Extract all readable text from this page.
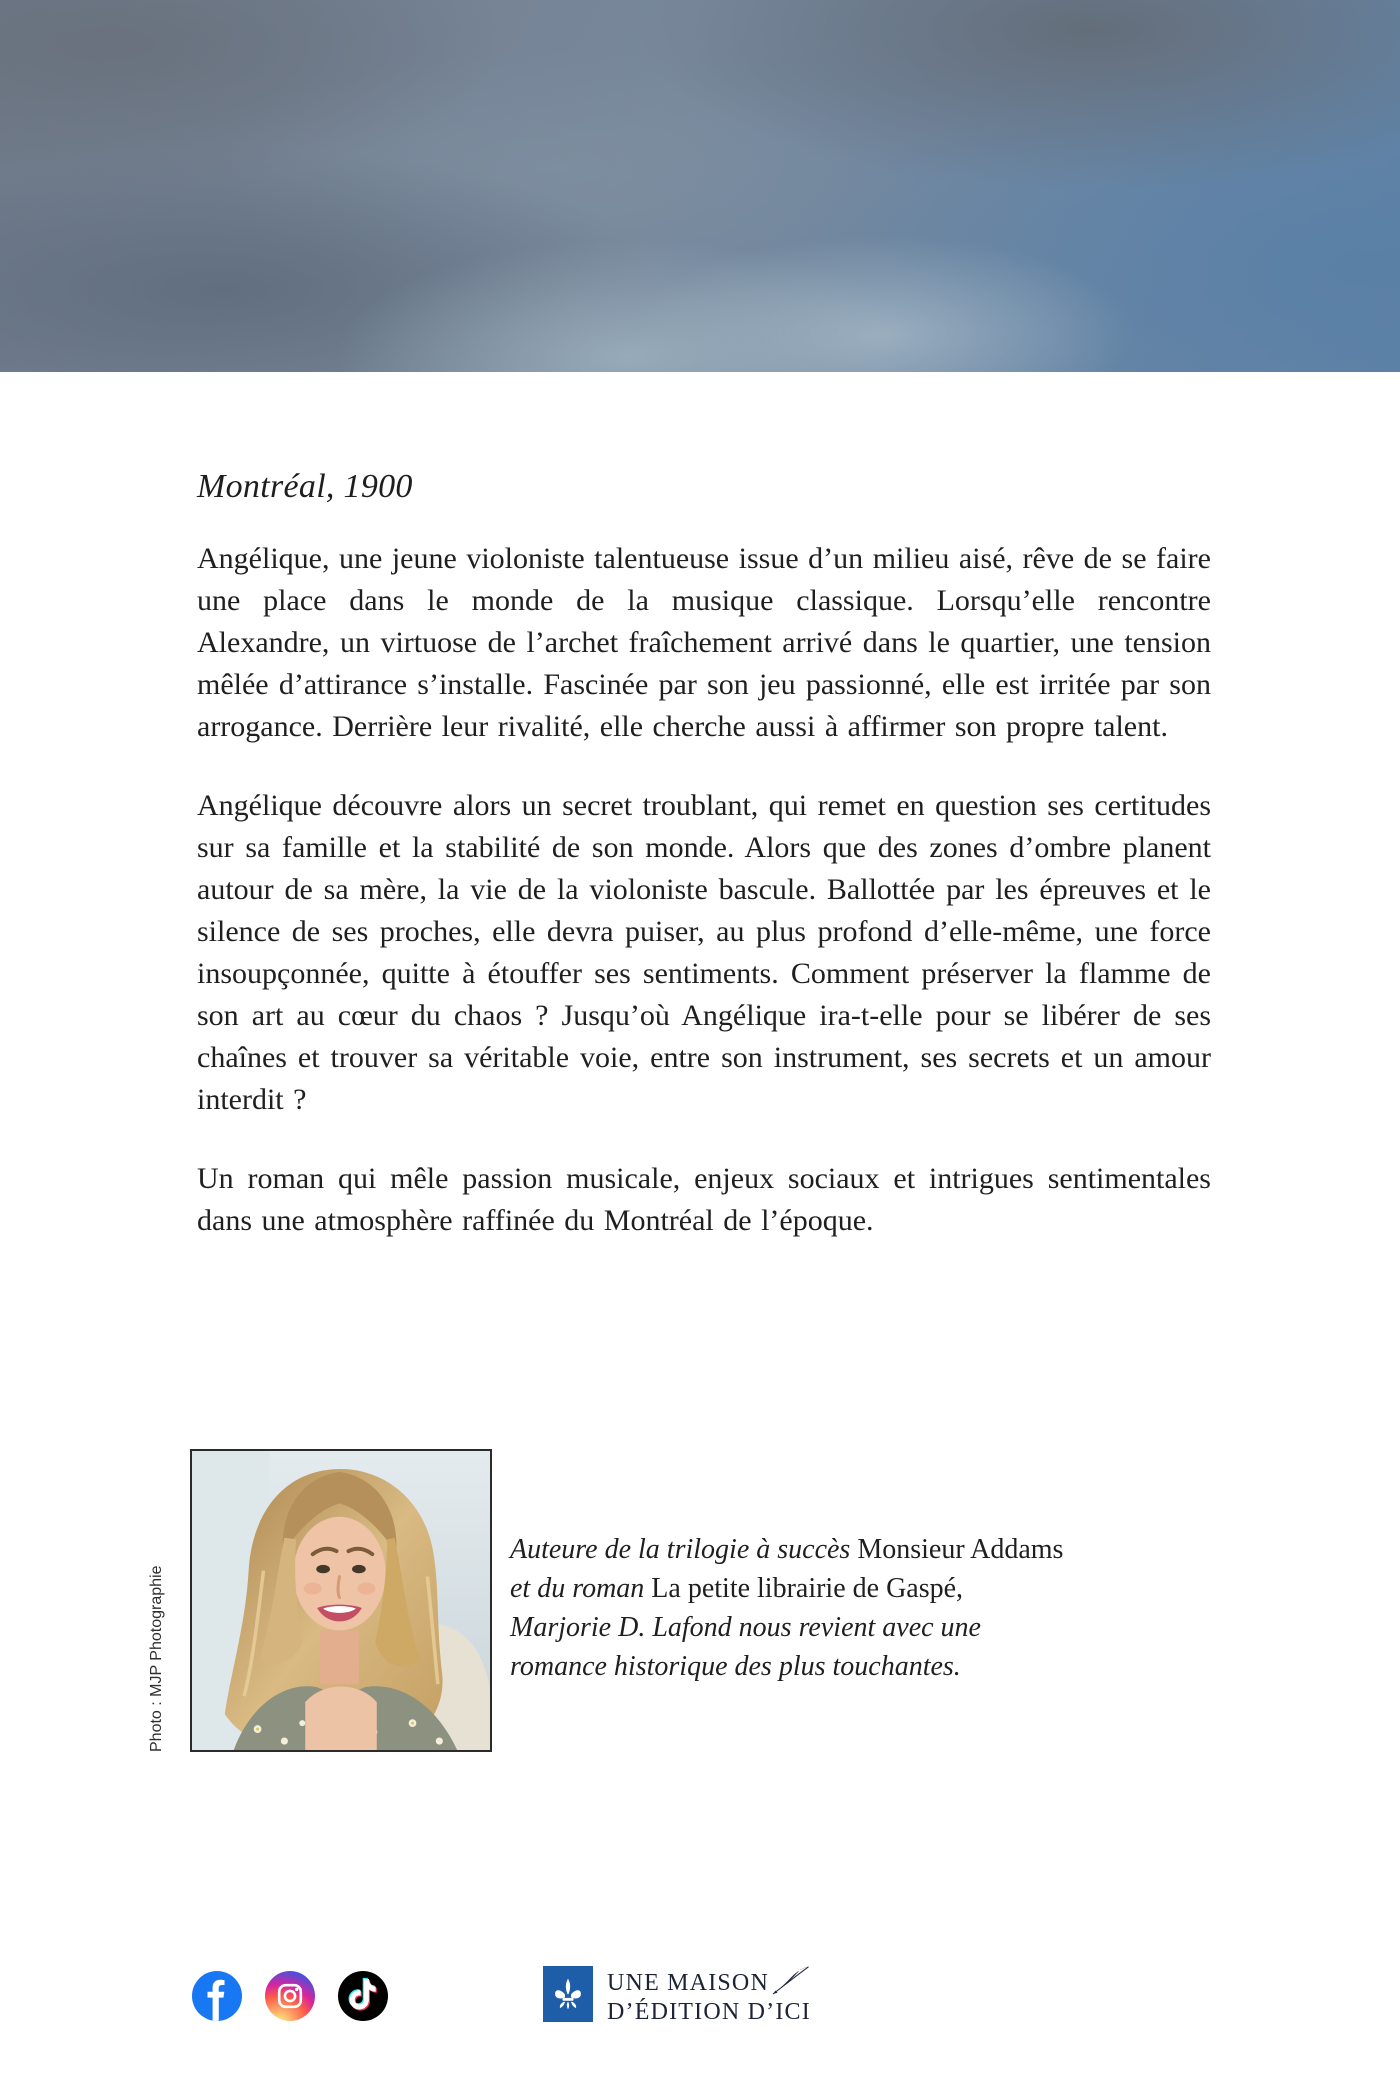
Montréal, 1900

Angélique, une jeune violoniste talentueuse issue d’un milieu aisé, rêve de se faire une place dans le monde de la musique classique. Lorsqu’elle rencontre Alexandre, un virtuose de l’archet fraîchement arrivé dans le quartier, une tension mêlée d’attirance s’installe. Fascinée par son jeu passionné, elle est irritée par son arrogance. Derrière leur rivalité, elle cherche aussi à affirmer son propre talent.

Angélique découvre alors un secret troublant, qui remet en question ses certitudes sur sa famille et la stabilité de son monde. Alors que des zones d’ombre planent autour de sa mère, la vie de la violoniste bascule. Ballottée par les épreuves et le silence de ses proches, elle devra puiser, au plus profond d’elle-même, une force insoupçonnée, quitte à étouffer ses sentiments. Comment préserver la flamme de son art au cœur du chaos ? Jusqu’où Angélique ira-t-elle pour se libérer de ses chaînes et trouver sa véritable voie, entre son instrument, ses secrets et un amour interdit ?

Un roman qui mêle passion musicale, enjeux sociaux et intrigues sentimentales dans une atmosphère raffinée du Montréal de l’époque.

Photo : MJP Photographie
Auteure de la trilogie à succès Monsieur Addams
et du roman La petite librairie de Gaspé,
Marjorie D. Lafond nous revient avec une
romance historique des plus touchantes.
UNE MAISON
D’ÉDITION D’ICI
